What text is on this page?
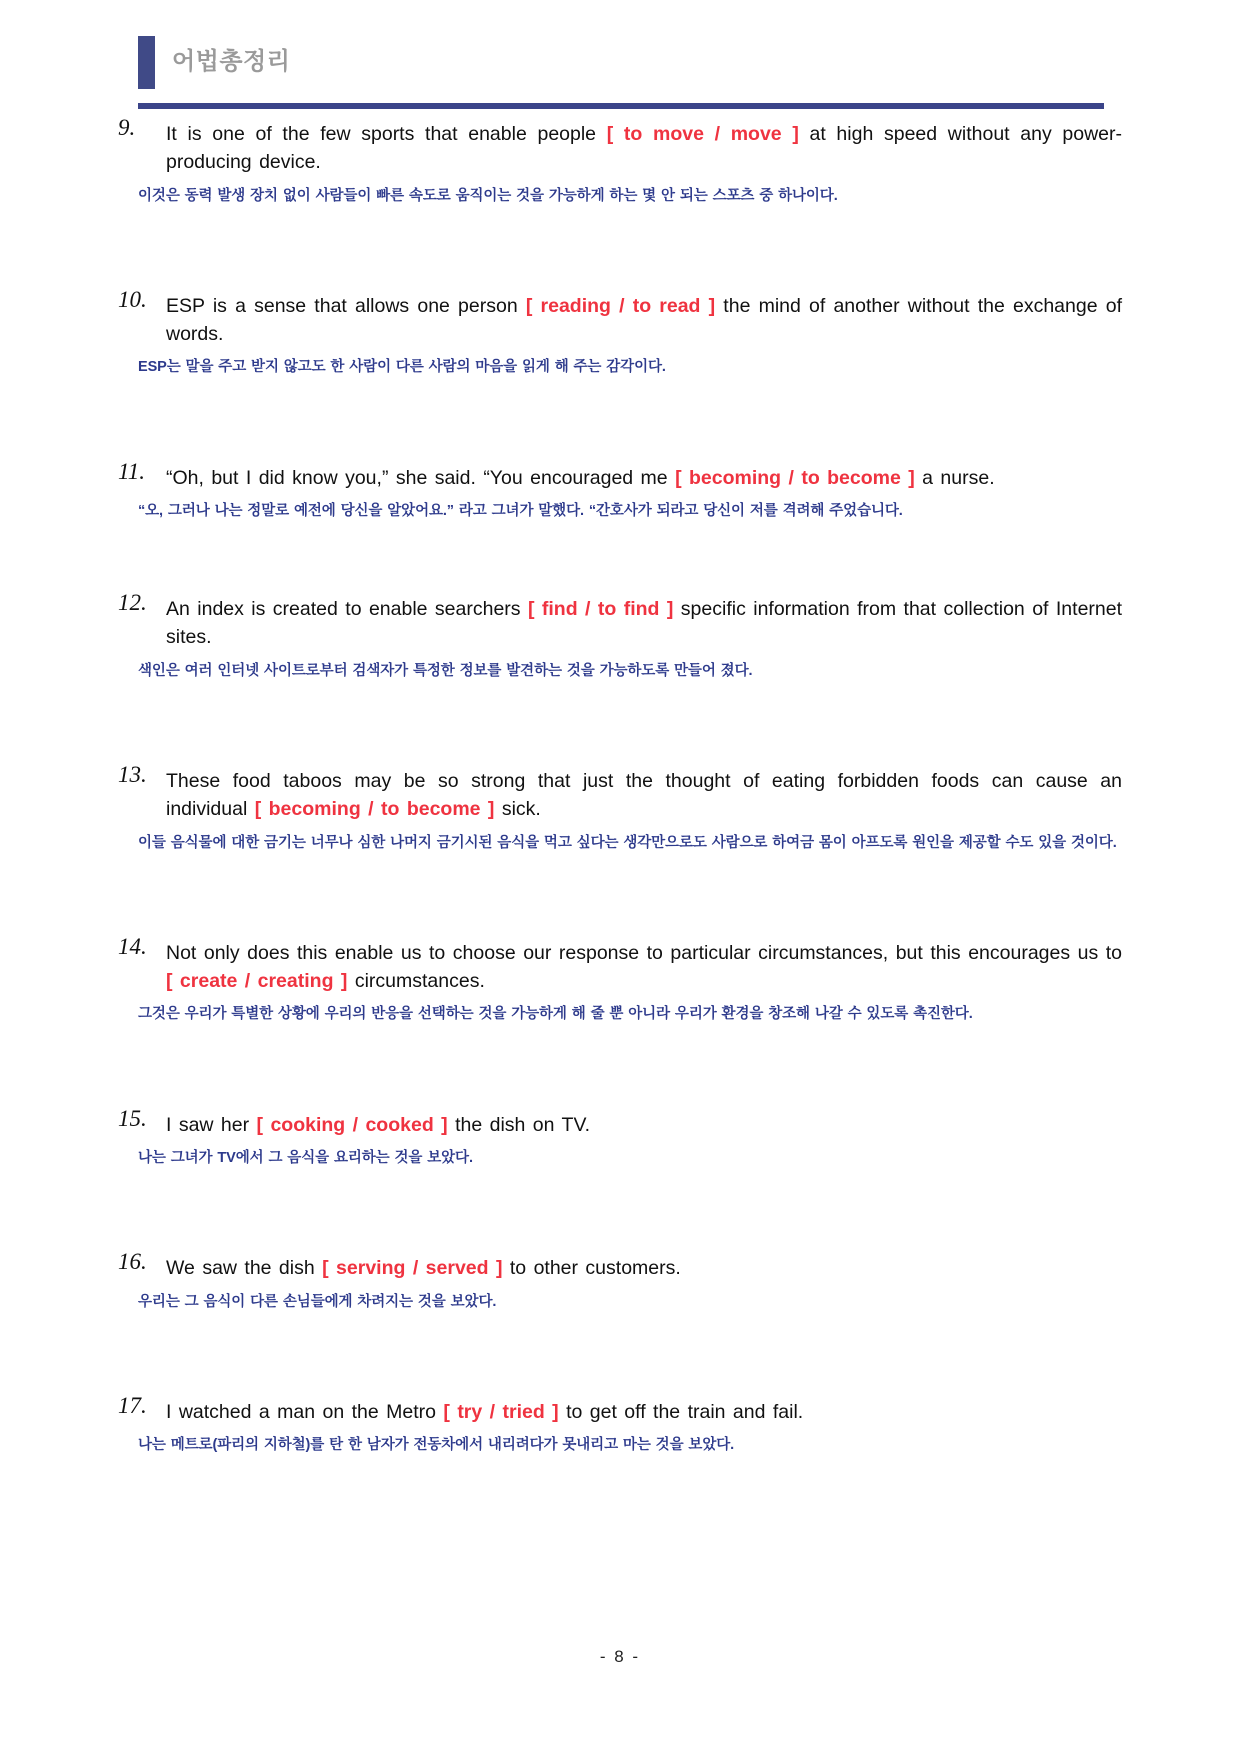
어법총정리
9.	It is one of the few sports that enable people [ to move / move ] at high speed without any power-producing device.
이것은 동력 발생 장치 없이 사람들이 빠른 속도로 움직이는 것을 가능하게 하는 몇 안 되는 스포츠 중 하나이다.
10. ESP is a sense that allows one person [ reading / to read ] the mind of another without the exchange of words.
ESP는 말을 주고 받지 않고도 한 사람이 다른 사람의 마음을 읽게 해 주는 감각이다.
11.	“Oh, but I did know you,” she said. “You encouraged me [ becoming / to become ] a nurse.
“오, 그러나 나는 정말로 예전에 당신을 알았어요.” 라고 그녀가 말했다. “간호사가 되라고 당신이 저를 격려해 주었습니다.
12. An index is created to enable searchers [ find / to find ] specific information from that collection of Internet sites.
색인은 여러 인터넷 사이트로부터 검색자가 특정한 정보를 발견하는 것을 가능하도록 만들어 졌다.
13. These food taboos may be so strong that just the thought of eating forbidden foods can cause an individual [ becoming / to become ] sick.
이들 음식물에 대한 금기는 너무나 심한 나머지 금기시된 음식을 먹고 싶다는 생각만으로도 사람으로 하여금 몸이 아프도록 원인을 제공할 수도 있을 것이다.
14. Not only does this enable us to choose our response to particular circumstances, but this encourages us to [ create / creating ] circumstances.
그것은 우리가 특별한 상황에 우리의 반응을 선택하는 것을 가능하게 해 줄 뿐 아니라 우리가 환경을 창조해 나갈 수 있도록 촉진한다.
15. I saw her [ cooking / cooked ] the dish on TV.
나는 그녀가 TV에서 그 음식을 요리하는 것을 보았다.
16. We saw the dish [ serving / served ] to other customers.
우리는 그 음식이 다른 손님들에게 차려지는 것을 보았다.
17. I watched a man on the Metro [ try / tried ] to get off the train and fail.
나는 메트로(파리의 지하철)를 탄 한 남자가 전동차에서 내리려다가 못내리고 마는 것을 보았다.
- 8 -
